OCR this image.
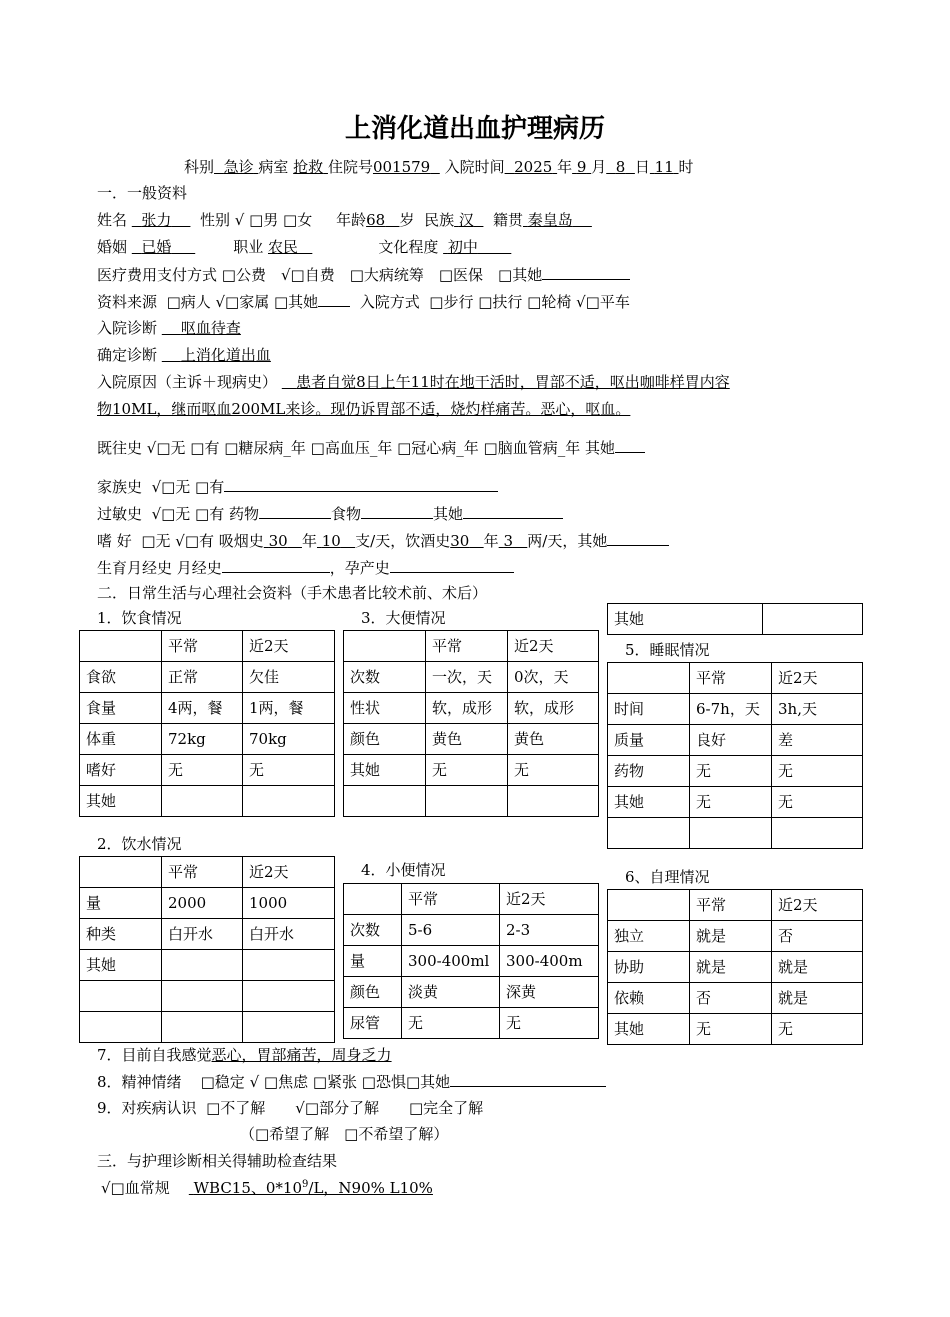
上消化道出血护理病历
科别 急诊 病室 抢救 住院号001579 入院时间 2025 年 9 月 8 日 11 时
一．一般资料
姓名 张力 性别 √ □男 □女 年龄68 岁 民族 汉 籍贯 秦皇岛
婚姻 已婚	职业 农民	文化程度 初中
医疗费用支付方式 □公费　√□自费　□大病统筹　□医保　□其她
资料来源 □病人 √□家属 □其她	入院方式 □步行 □扶行 □轮椅 √□平车
入院诊断 呕血待查
确定诊断 上消化道出血
入院原因（主诉＋现病史） 患者自觉8日上午11时在地干活时，胃部不适，呕出咖啡样胃内容
物10ML，继而呕血200ML来诊。现仍诉胃部不适，烧灼样痛苦。恶心，呕血。
既往史 √□无 □有 □糖尿病_年 □高血压_年 □冠心病_年 □脑血管病_年 其她
家族史 √□无 □有
过敏史 √□无 □有 药物	食物	其她
嗜 好 □无 √□有 吸烟史 30 年 10 支/天，饮酒史30 年 3 两/天，其她
生育月经史 月经史	，孕产史
二．日常生活与心理社会资料（手术患者比较术前、术后）
1．饮食情况
	平常	近2天
食欲	正常	欠佳
食量	4两，餐	1两，餐
体重	72kg	70kg
嗜好	无	无
其她		
2．饮水情况
	平常	近2天
量	2000	1000
种类	白开水	白开水
其她		

3．大便情况
	平常	近2天
次数	一次，天	0次，天
性状	软，成形	软，成形
颜色	黄色	黄色
其她	无	无

4．小便情况
	平常	近2天
次数	5-6	2-3
量	300-400ml	300-400m
颜色	淡黄	深黄
尿管	无	无
其她	
5．睡眠情况
	平常	近2天
时间	6-7h，天	3h,天
质量	良好	差
药物	无	无
其她	无	无

6、自理情况
	平常	近2天
独立	就是	否
协助	就是	就是
依赖	否	就是
其她	无	无
7．目前自我感觉恶心，胃部痛苦，周身乏力
8．精神情绪 □稳定 √ □焦虑 □紧张 □恐惧□其她
9．对疾病认识 □不了解　　√□部分了解　　□完全了解
（□希望了解　□不希望了解）
三．与护理诊断相关得辅助检查结果
√□血常规 WBC15、$0*10^9/L$，N90% L10%
